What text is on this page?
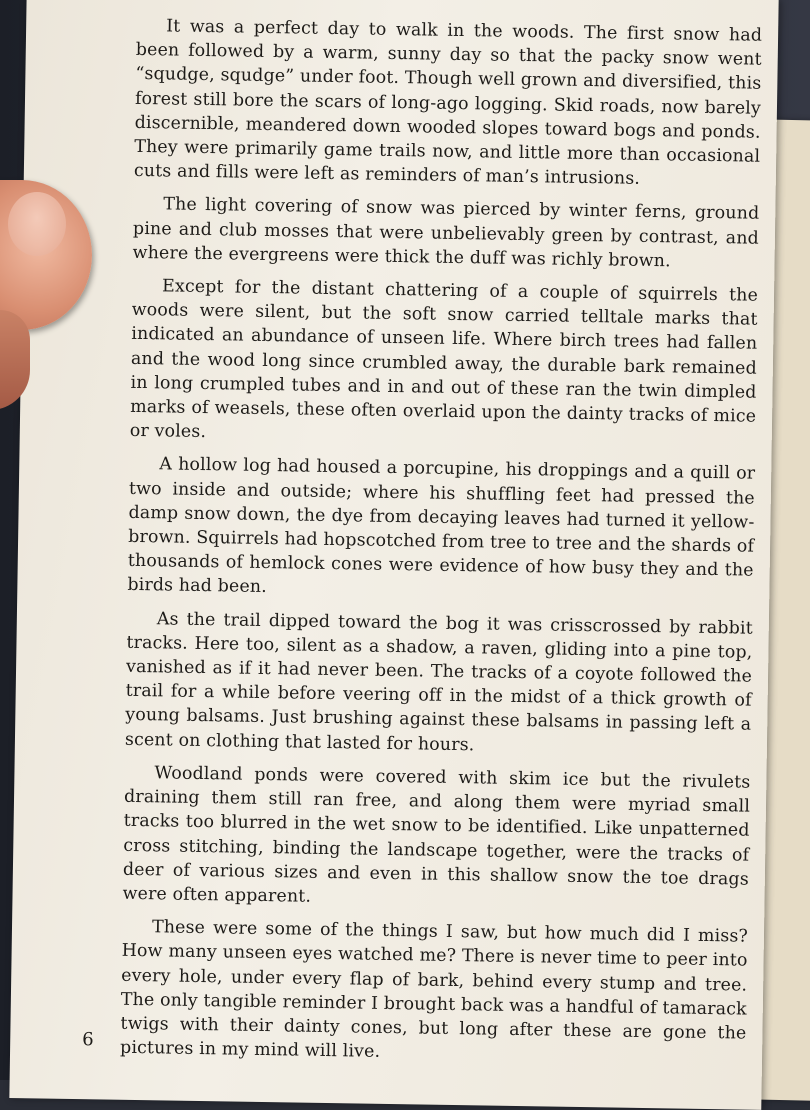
It was a perfect day to walk in the woods. The first snow had been followed by a warm, sunny day so that the packy snow went “squdge, squdge” under foot. Though well grown and diversified, this forest still bore the scars of long-ago logging. Skid roads, now barely discernible, meandered down wooded slopes toward bogs and ponds. They were primarily game trails now, and little more than occasional cuts and fills were left as reminders of man’s intrusions.

The light covering of snow was pierced by winter ferns, ground pine and club mosses that were unbelievably green by contrast, and where the evergreens were thick the duff was richly brown.

Except for the distant chattering of a couple of squirrels the woods were silent, but the soft snow carried telltale marks that indicated an abundance of unseen life. Where birch trees had fallen and the wood long since crumbled away, the durable bark remained in long crumpled tubes and in and out of these ran the twin dimpled marks of weasels, these often overlaid upon the dainty tracks of mice or voles.

A hollow log had housed a porcupine, his droppings and a quill or two inside and outside; where his shuffling feet had pressed the damp snow down, the dye from decaying leaves had turned it yellow-brown. Squirrels had hopscotched from tree to tree and the shards of thousands of hemlock cones were evidence of how busy they and the birds had been.

As the trail dipped toward the bog it was crisscrossed by rabbit tracks. Here too, silent as a shadow, a raven, gliding into a pine top, vanished as if it had never been. The tracks of a coyote followed the trail for a while before veering off in the midst of a thick growth of young balsams. Just brushing against these balsams in passing left a scent on clothing that lasted for hours.

Woodland ponds were covered with skim ice but the rivulets draining them still ran free, and along them were myriad small tracks too blurred in the wet snow to be identified. Like unpatterned cross stitching, binding the landscape together, were the tracks of deer of various sizes and even in this shallow snow the toe drags were often apparent.

These were some of the things I saw, but how much did I miss? How many unseen eyes watched me? There is never time to peer into every hole, under every flap of bark, behind every stump and tree. The only tangible reminder I brought back was a handful of tamarack twigs with their dainty cones, but long after these are gone the pictures in my mind will live.

6
